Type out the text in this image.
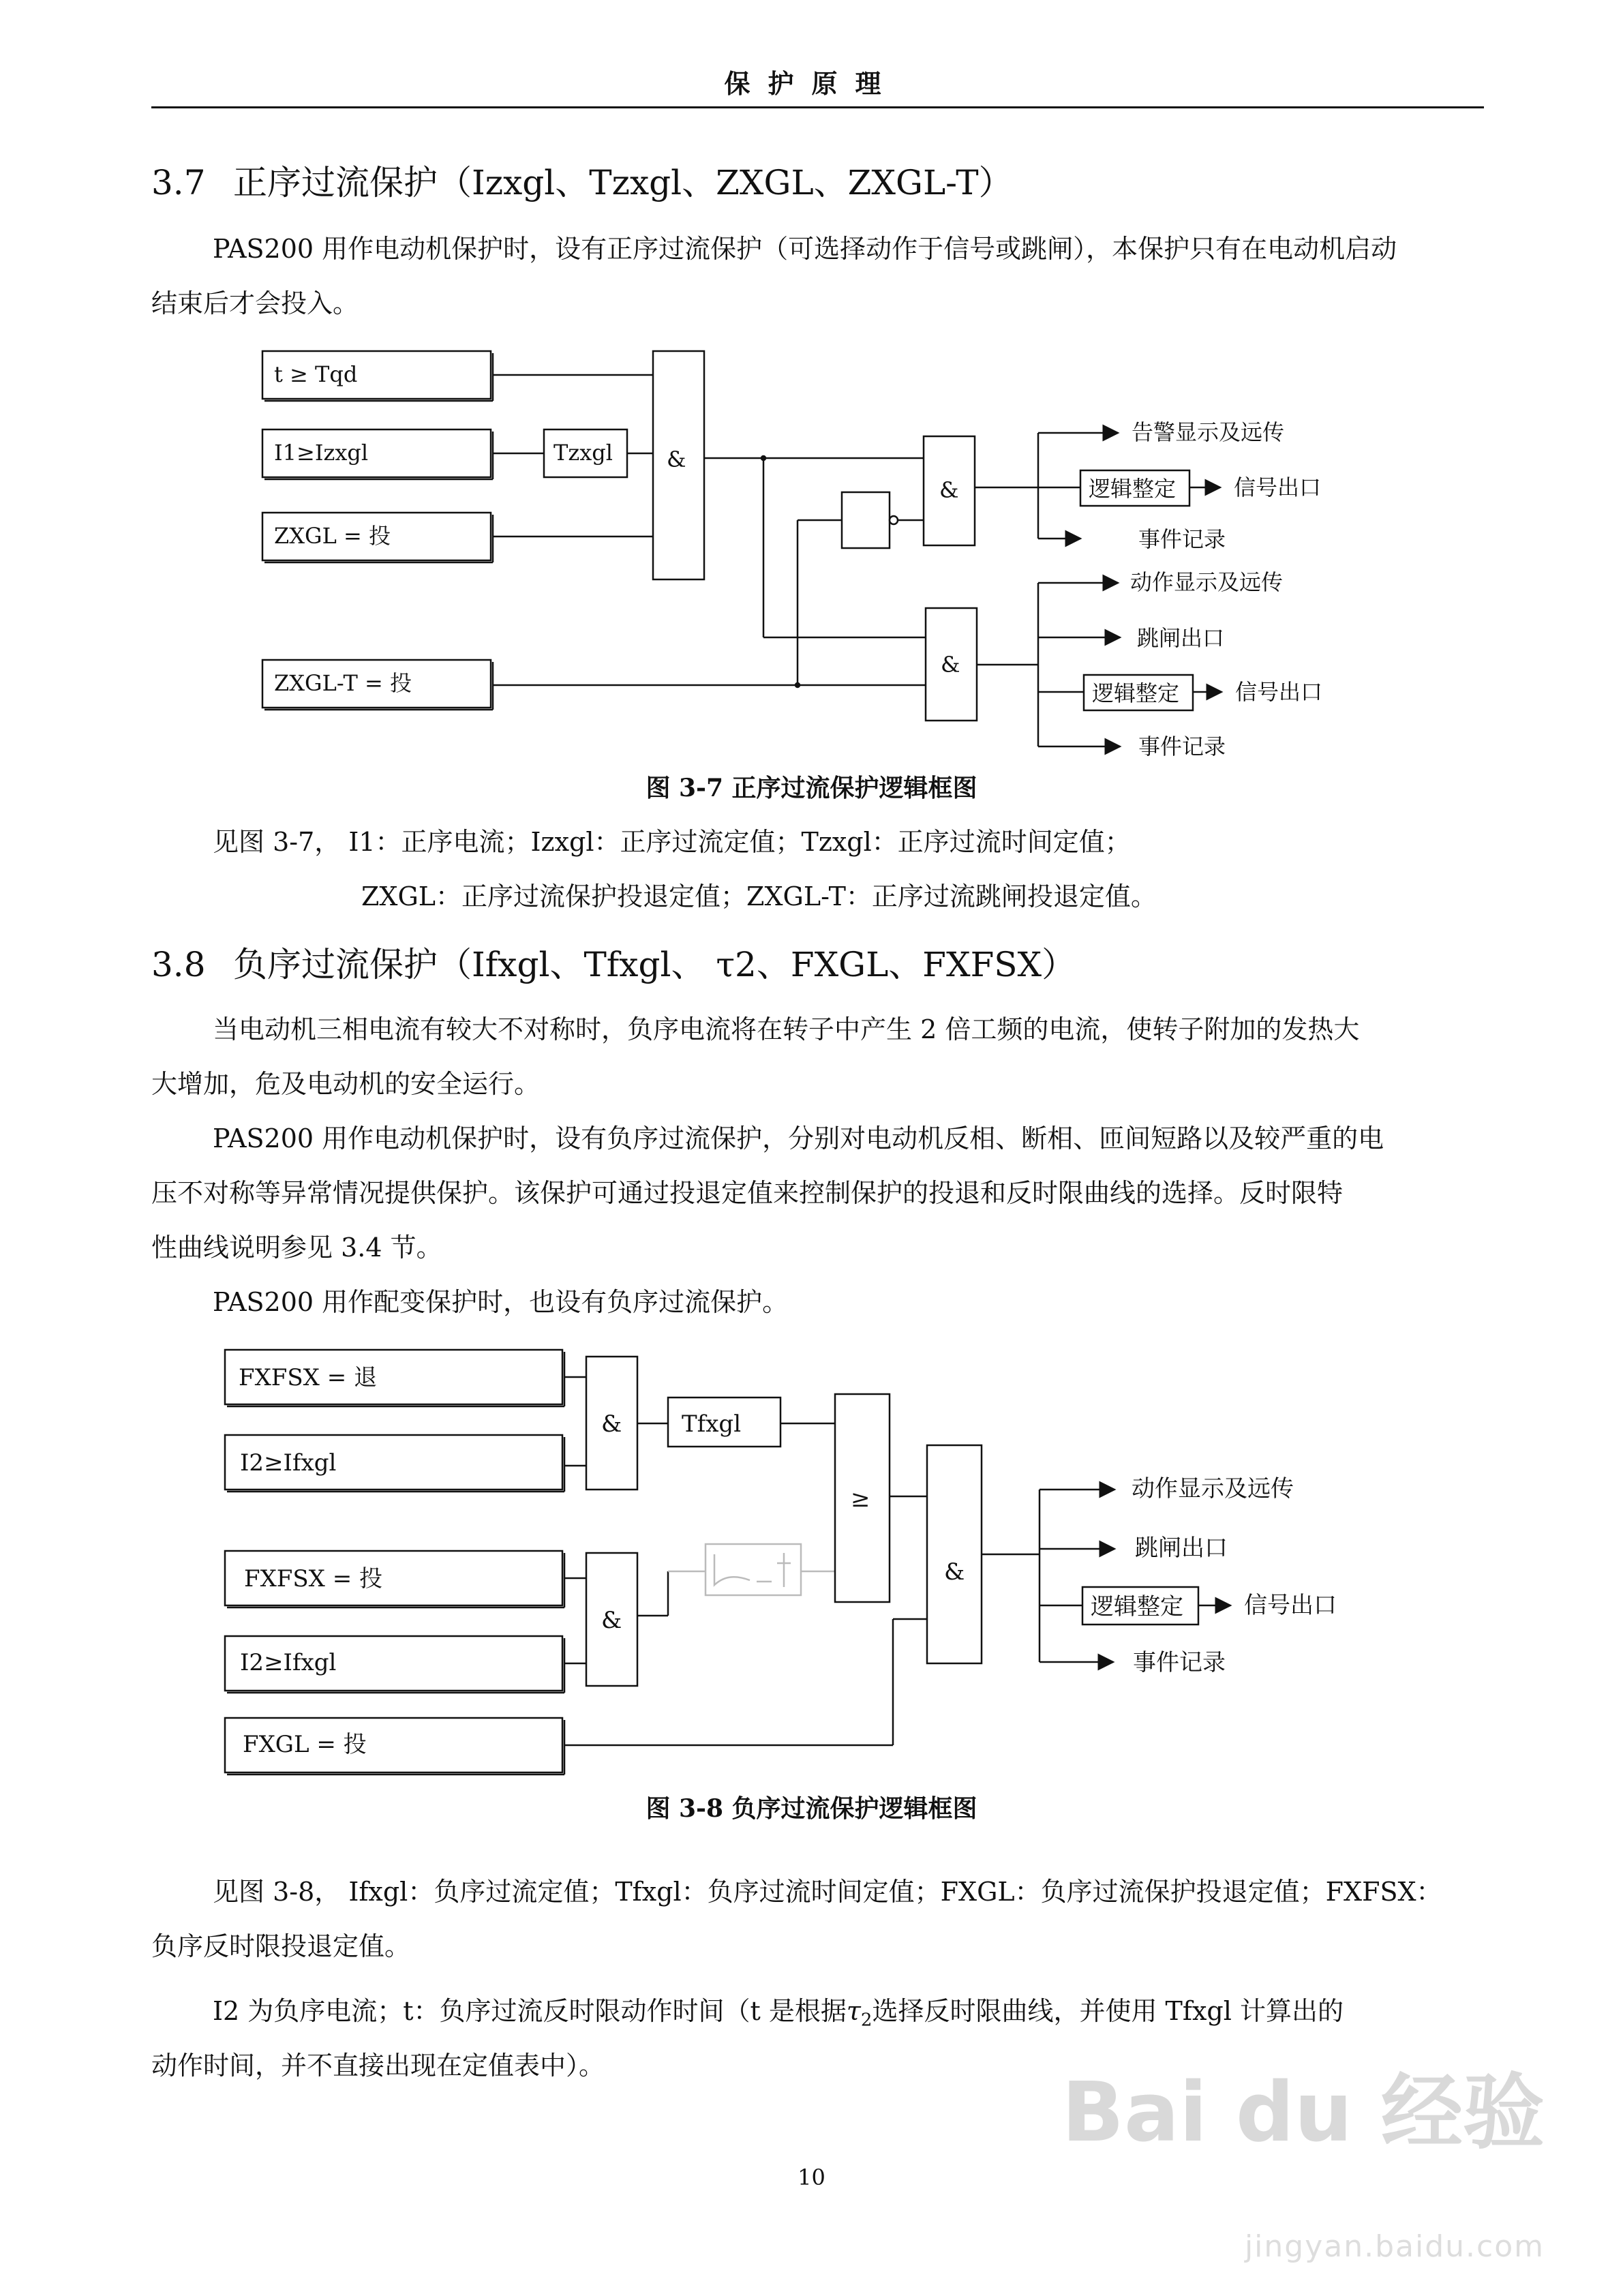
保护原理
3.7 正序过流保护（Izxgl、Tzxgl、ZXGL、ZXGL-T）
PAS200 用作电动机保护时，设有正序过流保护（可选择动作于信号或跳闸），本保护只有在电动机启动
结束后才会投入。
t ≥ Tqd
I1≥Izxgl
ZXGL = 投
ZXGL-T = 投
Tzxgl &
&
&
告警显示及远传
逻辑整定	信号出口
事件记录
动作显示及远传
跳闸出口
逻辑整定	信号出口
事件记录
图 3-7 正序过流保护逻辑框图
见图 3-7， I1：正序电流；Izxgl：正序过流定值；Tzxgl：正序过流时间定值；
ZXGL：正序过流保护投退定值；ZXGL-T：正序过流跳闸投退定值。
3.8 负序过流保护（Ifxgl、Tfxgl、 τ2、FXGL、FXFSX）
当电动机三相电流有较大不对称时，负序电流将在转子中产生 2 倍工频的电流，使转子附加的发热大
大增加，危及电动机的安全运行。
PAS200 用作电动机保护时，设有负序过流保护，分别对电动机反相、断相、匝间短路以及较严重的电
压不对称等异常情况提供保护。该保护可通过投退定值来控制保护的投退和反时限曲线的选择。反时限特
性曲线说明参见 3.4 节。
PAS200 用作配变保护时，也设有负序过流保护。
FXFSX = 退
I2≥Ifxgl
FXFSX = 投
I2≥Ifxgl
FXGL = 投
&
&
Tfxgl
≥
&
动作显示及远传
跳闸出口
逻辑整定	信号出口
事件记录
图 3-8 负序过流保护逻辑框图
见图 3-8， Ifxgl：负序过流定值；Tfxgl：负序过流时间定值；FXGL：负序过流保护投退定值；FXFSX：
负序反时限投退定值。
I2 为负序电流；t：负序过流反时限动作时间（t 是根据$\tau_2$选择反时限曲线，并使用 Tfxgl 计算出的
动作时间，并不直接出现在定值表中）。
10
Bai du 经验
jingyan.baidu.com
